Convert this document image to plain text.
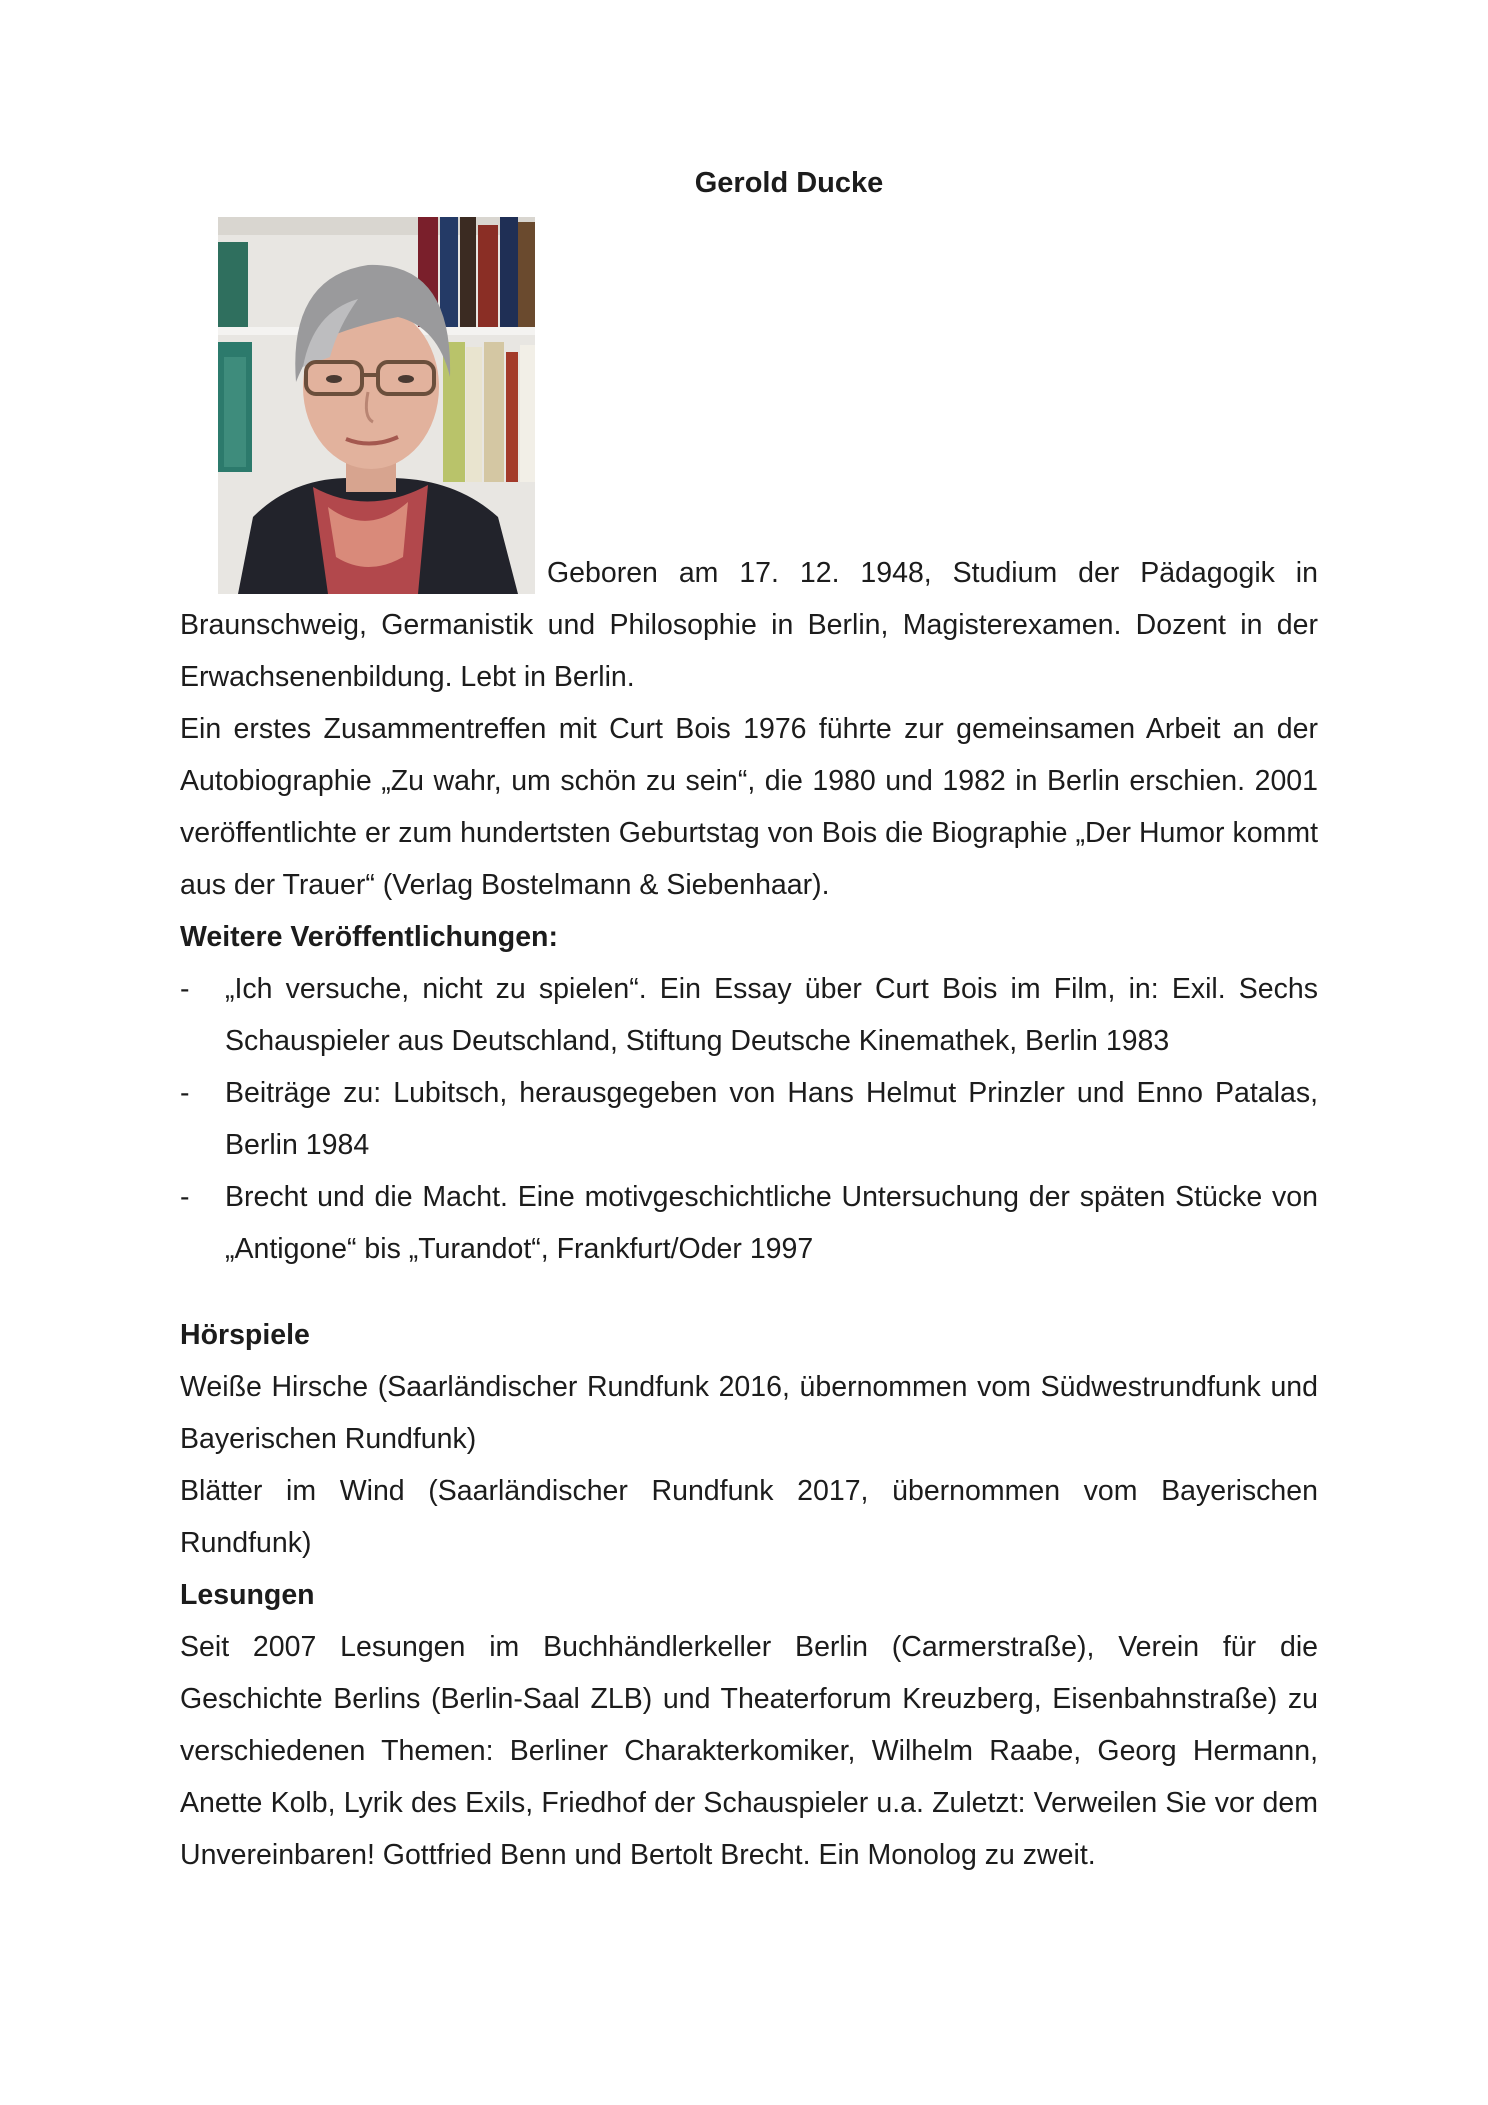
Gerold Ducke

Geboren am 17. 12. 1948, Studium der Pädagogik in Braunschweig, Germanistik und Philosophie in Berlin, Magisterexamen. Dozent in der Erwachsenenbildung. Lebt in Berlin.

Ein erstes Zusammentreffen mit Curt Bois 1976 führte zur gemeinsamen Arbeit an der Autobiographie „Zu wahr, um schön zu sein“, die 1980 und 1982 in Berlin erschien. 2001 veröffentlichte er zum hundertsten Geburtstag von Bois die Biographie „Der Humor kommt aus der Trauer“ (Verlag Bostelmann & Siebenhaar).

Weitere Veröffentlichungen:
- „Ich versuche, nicht zu spielen“. Ein Essay über Curt Bois im Film, in: Exil. Sechs Schauspieler aus Deutschland, Stiftung Deutsche Kinemathek, Berlin 1983
- Beiträge zu: Lubitsch, herausgegeben von Hans Helmut Prinzler und Enno Patalas, Berlin 1984
- Brecht und die Macht. Eine motivgeschichtliche Untersuchung der späten Stücke von „Antigone“ bis „Turandot“, Frankfurt/Oder 1997
Hörspiele

Weiße Hirsche (Saarländischer Rundfunk 2016, übernommen vom Südwestrundfunk und Bayerischen Rundfunk)

Blätter im Wind (Saarländischer Rundfunk 2017, übernommen vom Bayerischen Rundfunk)

Lesungen

Seit 2007 Lesungen im Buchhändlerkeller Berlin (Carmerstraße), Verein für die Geschichte Berlins (Berlin-Saal ZLB) und Theaterforum Kreuzberg, Eisenbahnstraße) zu verschiedenen Themen: Berliner Charakterkomiker, Wilhelm Raabe, Georg Hermann, Anette Kolb, Lyrik des Exils, Friedhof der Schauspieler u.a. Zuletzt: Verweilen Sie vor dem Unvereinbaren! Gottfried Benn und Bertolt Brecht. Ein Monolog zu zweit.
